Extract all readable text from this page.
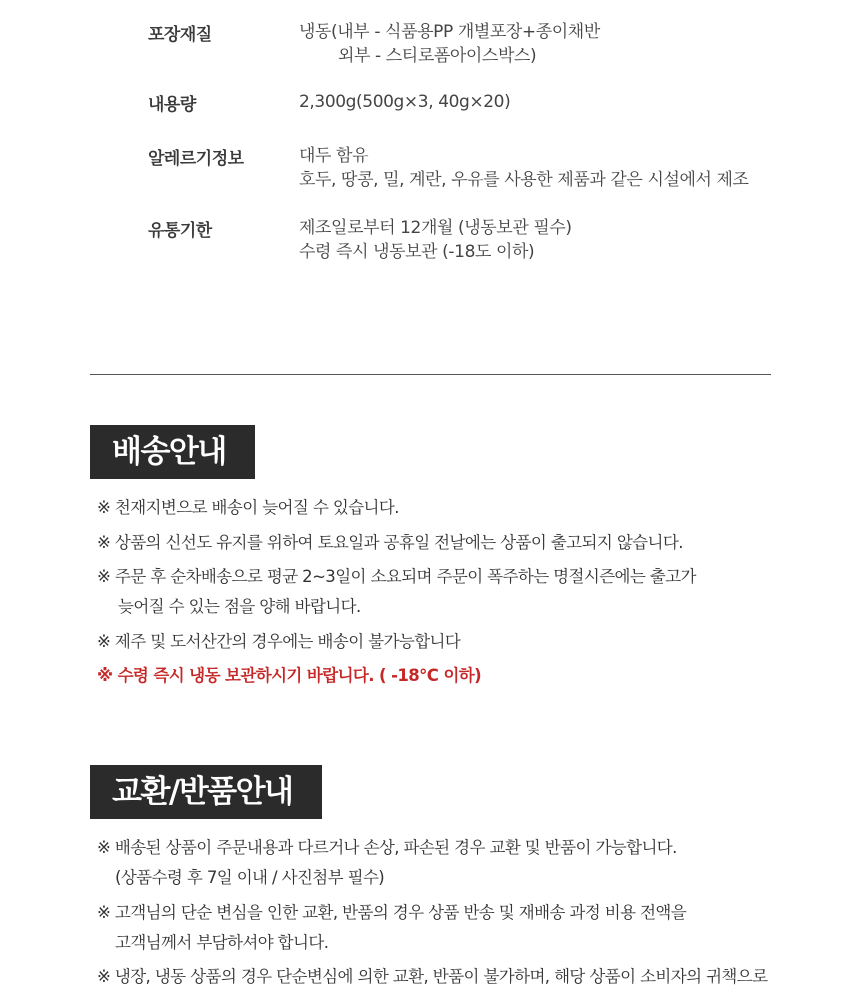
포장재질	냉동(내부 - 식품용PP 개별포장+종이채반
외부 - 스티로폼아이스박스)
내용량	2,300g(500g×3, 40g×20)
알레르기정보	대두 함유
호두, 땅콩, 밀, 계란, 우유를 사용한 제품과 같은 시설에서 제조
유통기한	제조일로부터 12개월 (냉동보관 필수)
수령 즉시 냉동보관 (-18도 이하)
배송안내
※ 천재지변으로 배송이 늦어질 수 있습니다.
※ 상품의 신선도 유지를 위하여 토요일과 공휴일 전날에는 상품이 출고되지 않습니다.
※ 주문 후 순차배송으로 평균 2~3일이 소요되며 주문이 폭주하는 명절시즌에는 출고가
늦어질 수 있는 점을 양해 바랍니다.
※ 제주 및 도서산간의 경우에는 배송이 불가능합니다
※ 수령 즉시 냉동 보관하시기 바랍니다. ( -18°C 이하)
교환/반품안내
※ 배송된 상품이 주문내용과 다르거나 손상, 파손된 경우 교환 및 반품이 가능합니다.
(상품수령 후 7일 이내 / 사진첨부 필수)
※ 고객님의 단순 변심을 인한 교환, 반품의 경우 상품 반송 및 재배송 과정 비용 전액을
고객님께서 부담하셔야 합니다.
※ 냉장, 냉동 상품의 경우 단순변심에 의한 교환, 반품이 불가하며, 해당 상품이 소비자의 귀책으로
